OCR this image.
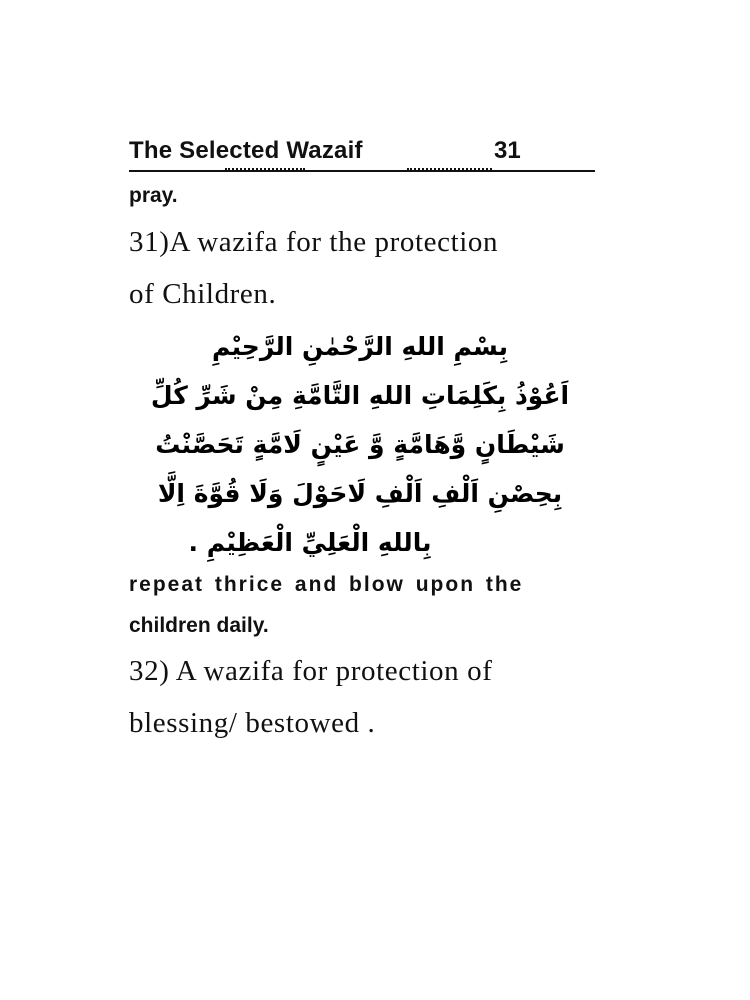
The Selected Wazaif	31
pray.
31)A wazifa for the protection
of Children.
بِسْمِ اللهِ الرَّحْمٰنِ الرَّحِيْمِ
اَعُوْذُ بِكَلِمَاتِ اللهِ التَّامَّةِ مِنْ شَرِّ كُلِّ
شَيْطَانٍ وَّهَامَّةٍ وَّ عَيْنٍ لَامَّةٍ تَحَصَّنْتُ
بِحِصْنِ اَلْفِ اَلْفِ لَاحَوْلَ وَلَا قُوَّةَ اِلَّا
بِاللهِ الْعَلِيِّ الْعَظِيْمِ .
repeat thrice and blow upon the
children daily.
32) A wazifa for protection of
blessing/ bestowed .
